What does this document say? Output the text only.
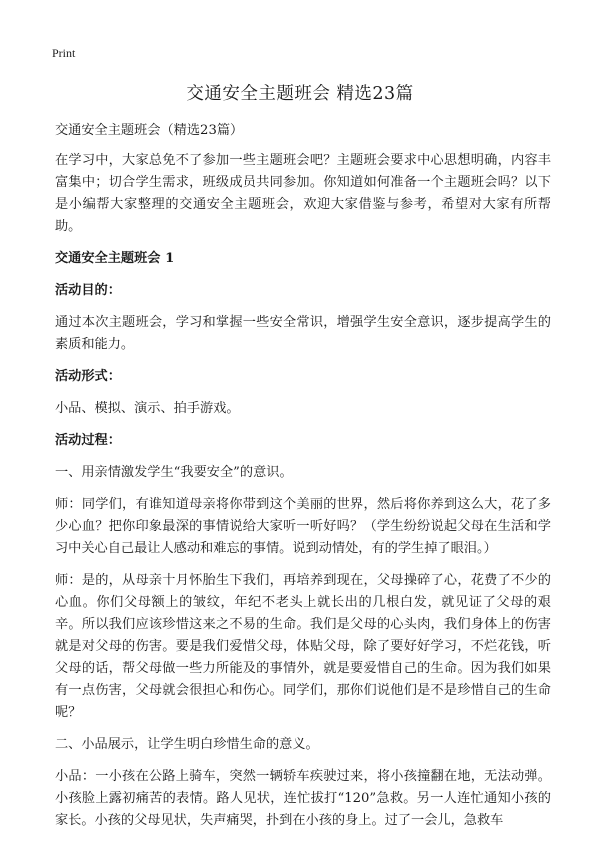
Print
交通安全主题班会 精选23篇

交通安全主题班会（精选23篇）

在学习中，大家总免不了参加一些主题班会吧？主题班会要求中心思想明确，内容丰富集中；切合学生需求，班级成员共同参加。你知道如何准备一个主题班会吗？以下是小编帮大家整理的交通安全主题班会，欢迎大家借鉴与参考，希望对大家有所帮助。

交通安全主题班会 1

活动目的：

通过本次主题班会，学习和掌握一些安全常识，增强学生安全意识，逐步提高学生的素质和能力。

活动形式：

小品、模拟、演示、拍手游戏。

活动过程：

一、用亲情激发学生“我要安全”的意识。

师：同学们，有谁知道母亲将你带到这个美丽的世界，然后将你养到这么大，花了多少心血？把你印象最深的事情说给大家听一听好吗？（学生纷纷说起父母在生活和学习中关心自己最让人感动和难忘的事情。说到动情处，有的学生掉了眼泪。）

师：是的，从母亲十月怀胎生下我们，再培养到现在，父母操碎了心，花费了不少的心血。你们父母额上的皱纹，年纪不老头上就长出的几根白发，就见证了父母的艰辛。所以我们应该珍惜这来之不易的生命。我们是父母的心头肉，我们身体上的伤害就是对父母的伤害。要是我们爱惜父母，体贴父母，除了要好好学习，不烂花钱，听父母的话，帮父母做一些力所能及的事情外，就是要爱惜自己的生命。因为我们如果有一点伤害，父母就会很担心和伤心。同学们，那你们说他们是不是珍惜自己的生命呢？

二、小品展示，让学生明白珍惜生命的意义。

小品：一小孩在公路上骑车，突然一辆轿车疾驶过来，将小孩撞翻在地，无法动弹。小孩脸上露初痛苦的表情。路人见状，连忙拔打“120”急救。另一人连忙通知小孩的家长。小孩的父母见状，失声痛哭，扑到在小孩的身上。过了一会儿，急救车
